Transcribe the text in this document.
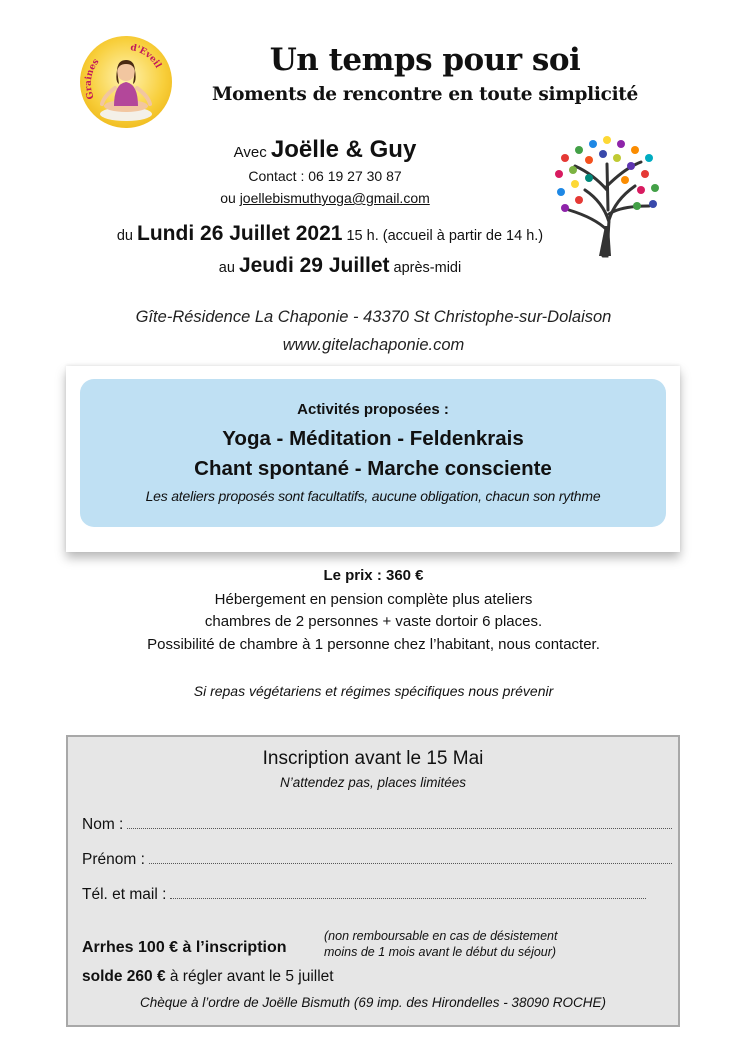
Graines
d'Eveil	Un temps pour soi
Moments de rencontre en toute simplicité
Avec Joëlle & Guy
Contact : 06 19 27 30 87
ou joellebismuthyoga@gmail.com
du Lundi 26 Juillet 2021 15 h. (accueil à partir de 14 h.)
au Jeudi 29 Juillet après-midi
Gîte-Résidence La Chaponie - 43370 St Christophe-sur-Dolaison
www.gitelachaponie.com
Activités proposées :
Yoga - Méditation - Feldenkrais
Chant spontané - Marche consciente
Les ateliers proposés sont facultatifs, aucune obligation, chacun son rythme
Le prix : 360 €
Hébergement en pension complète plus ateliers
chambres de 2 personnes + vaste dortoir 6 places.
Possibilité de chambre à 1 personne chez l’habitant, nous contacter.
Si repas végétariens et régimes spécifiques nous prévenir
Inscription avant le 15 Mai
N’attendez pas, places limitées
Nom :
Prénom :
Tél. et mail :
Arrhes 100 € à l’inscription
(non remboursable en cas de désistement
moins de 1 mois avant le début du séjour)
solde 260 € à régler avant le 5 juillet
Chèque à l’ordre de Joëlle Bismuth (69 imp. des Hirondelles - 38090 ROCHE)
